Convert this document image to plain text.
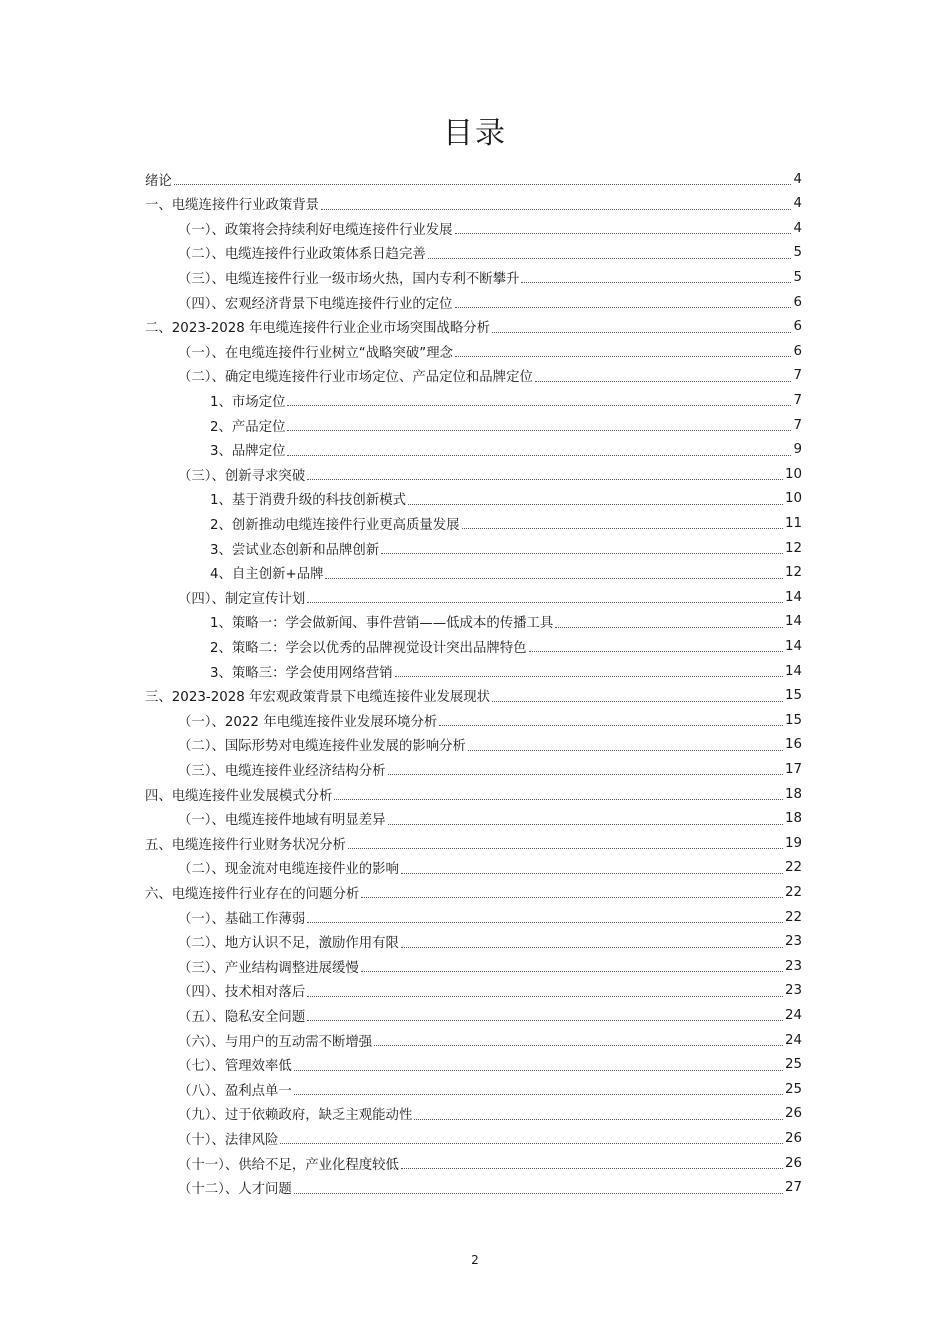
目录
绪论	4
一、电缆连接件行业政策背景	4
（一）、政策将会持续利好电缆连接件行业发展	4
（二）、电缆连接件行业政策体系日趋完善	5
（三）、电缆连接件行业一级市场火热，国内专利不断攀升	5
（四）、宏观经济背景下电缆连接件行业的定位	6
二、2023-2028 年电缆连接件行业企业市场突围战略分析	6
（一）、在电缆连接件行业树立“战略突破”理念	6
（二）、确定电缆连接件行业市场定位、产品定位和品牌定位	7
1、市场定位	7
2、产品定位	7
3、品牌定位	9
（三）、创新寻求突破	10
1、基于消费升级的科技创新模式	10
2、创新推动电缆连接件行业更高质量发展	11
3、尝试业态创新和品牌创新	12
4、自主创新+品牌	12
（四）、制定宣传计划	14
1、策略一：学会做新闻、事件营销——低成本的传播工具	14
2、策略二：学会以优秀的品牌视觉设计突出品牌特色	14
3、策略三：学会使用网络营销	14
三、2023-2028 年宏观政策背景下电缆连接件业发展现状	15
（一）、2022 年电缆连接件业发展环境分析	15
（二）、国际形势对电缆连接件业发展的影响分析	16
（三）、电缆连接件业经济结构分析	17
四、电缆连接件业发展模式分析	18
（一）、电缆连接件地域有明显差异	18
五、电缆连接件行业财务状况分析	19
（二）、现金流对电缆连接件业的影响	22
六、电缆连接件行业存在的问题分析	22
（一）、基础工作薄弱	22
（二）、地方认识不足，激励作用有限	23
（三）、产业结构调整进展缓慢	23
（四）、技术相对落后	23
（五）、隐私安全问题	24
（六）、与用户的互动需不断增强	24
（七）、管理效率低	25
（八）、盈利点单一	25
（九）、过于依赖政府，缺乏主观能动性	26
（十）、法律风险	26
（十一）、供给不足，产业化程度较低	26
（十二）、人才问题	27
2
